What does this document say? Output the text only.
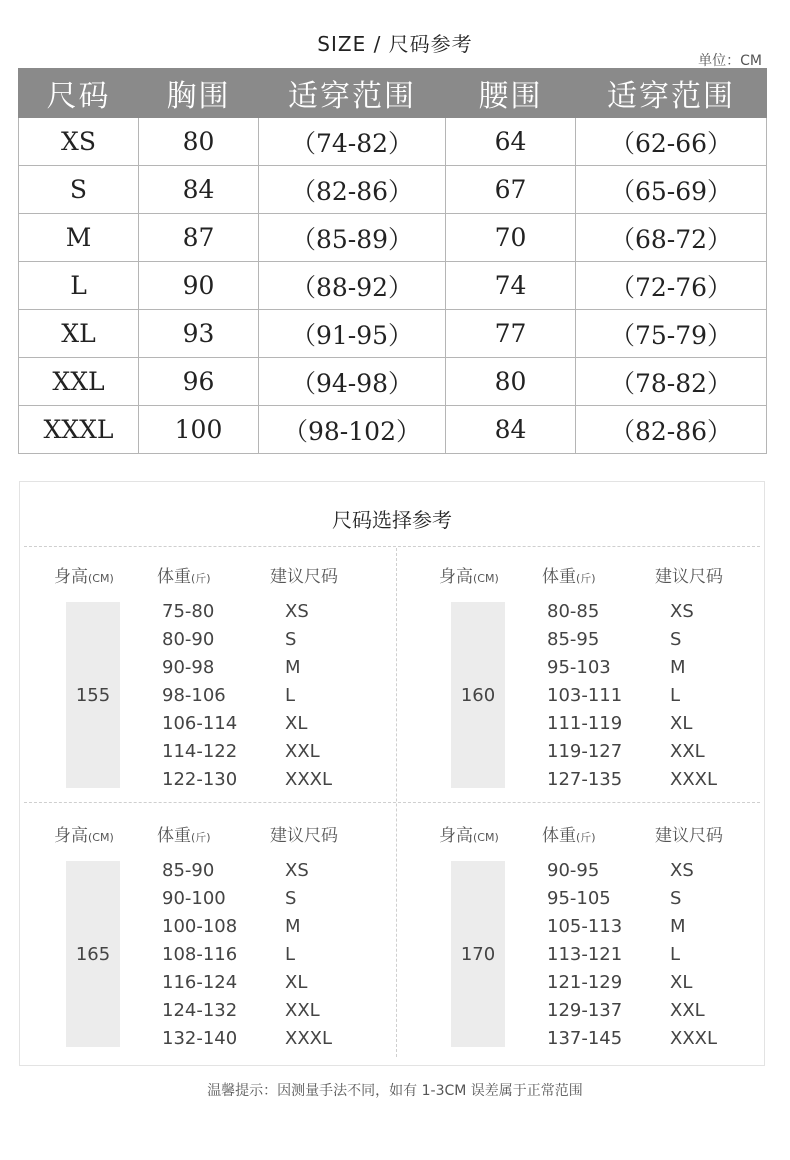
SIZE / 尺码参考
单位：CM
尺码	胸围	适穿范围	腰围	适穿范围
XS	80	（74-82）	64	（62-66）
S	84	（82-86）	67	（65-69）
M	87	（85-89）	70	（68-72）
L	90	（88-92）	74	（72-76）
XL	93	（91-95）	77	（75-79）
XXL	96	（94-98）	80	（78-82）
XXXL	100	（98-102）	84	（82-86）
尺码选择参考
身高(CM)	体重(斤)	建议尺码
155
75-80	XS
80-90	S
90-98	M
98-106	L
106-114	XL
114-122	XXL
122-130	XXXL
身高(CM)	体重(斤)	建议尺码
160
80-85	XS
85-95	S
95-103	M
103-111	L
111-119	XL
119-127	XXL
127-135	XXXL
身高(CM)	体重(斤)	建议尺码
165
85-90	XS
90-100	S
100-108	M
108-116	L
116-124	XL
124-132	XXL
132-140	XXXL
身高(CM)	体重(斤)	建议尺码
170
90-95	XS
95-105	S
105-113	M
113-121	L
121-129	XL
129-137	XXL
137-145	XXXL
温馨提示：因测量手法不同，如有 1-3CM 误差属于正常范围
